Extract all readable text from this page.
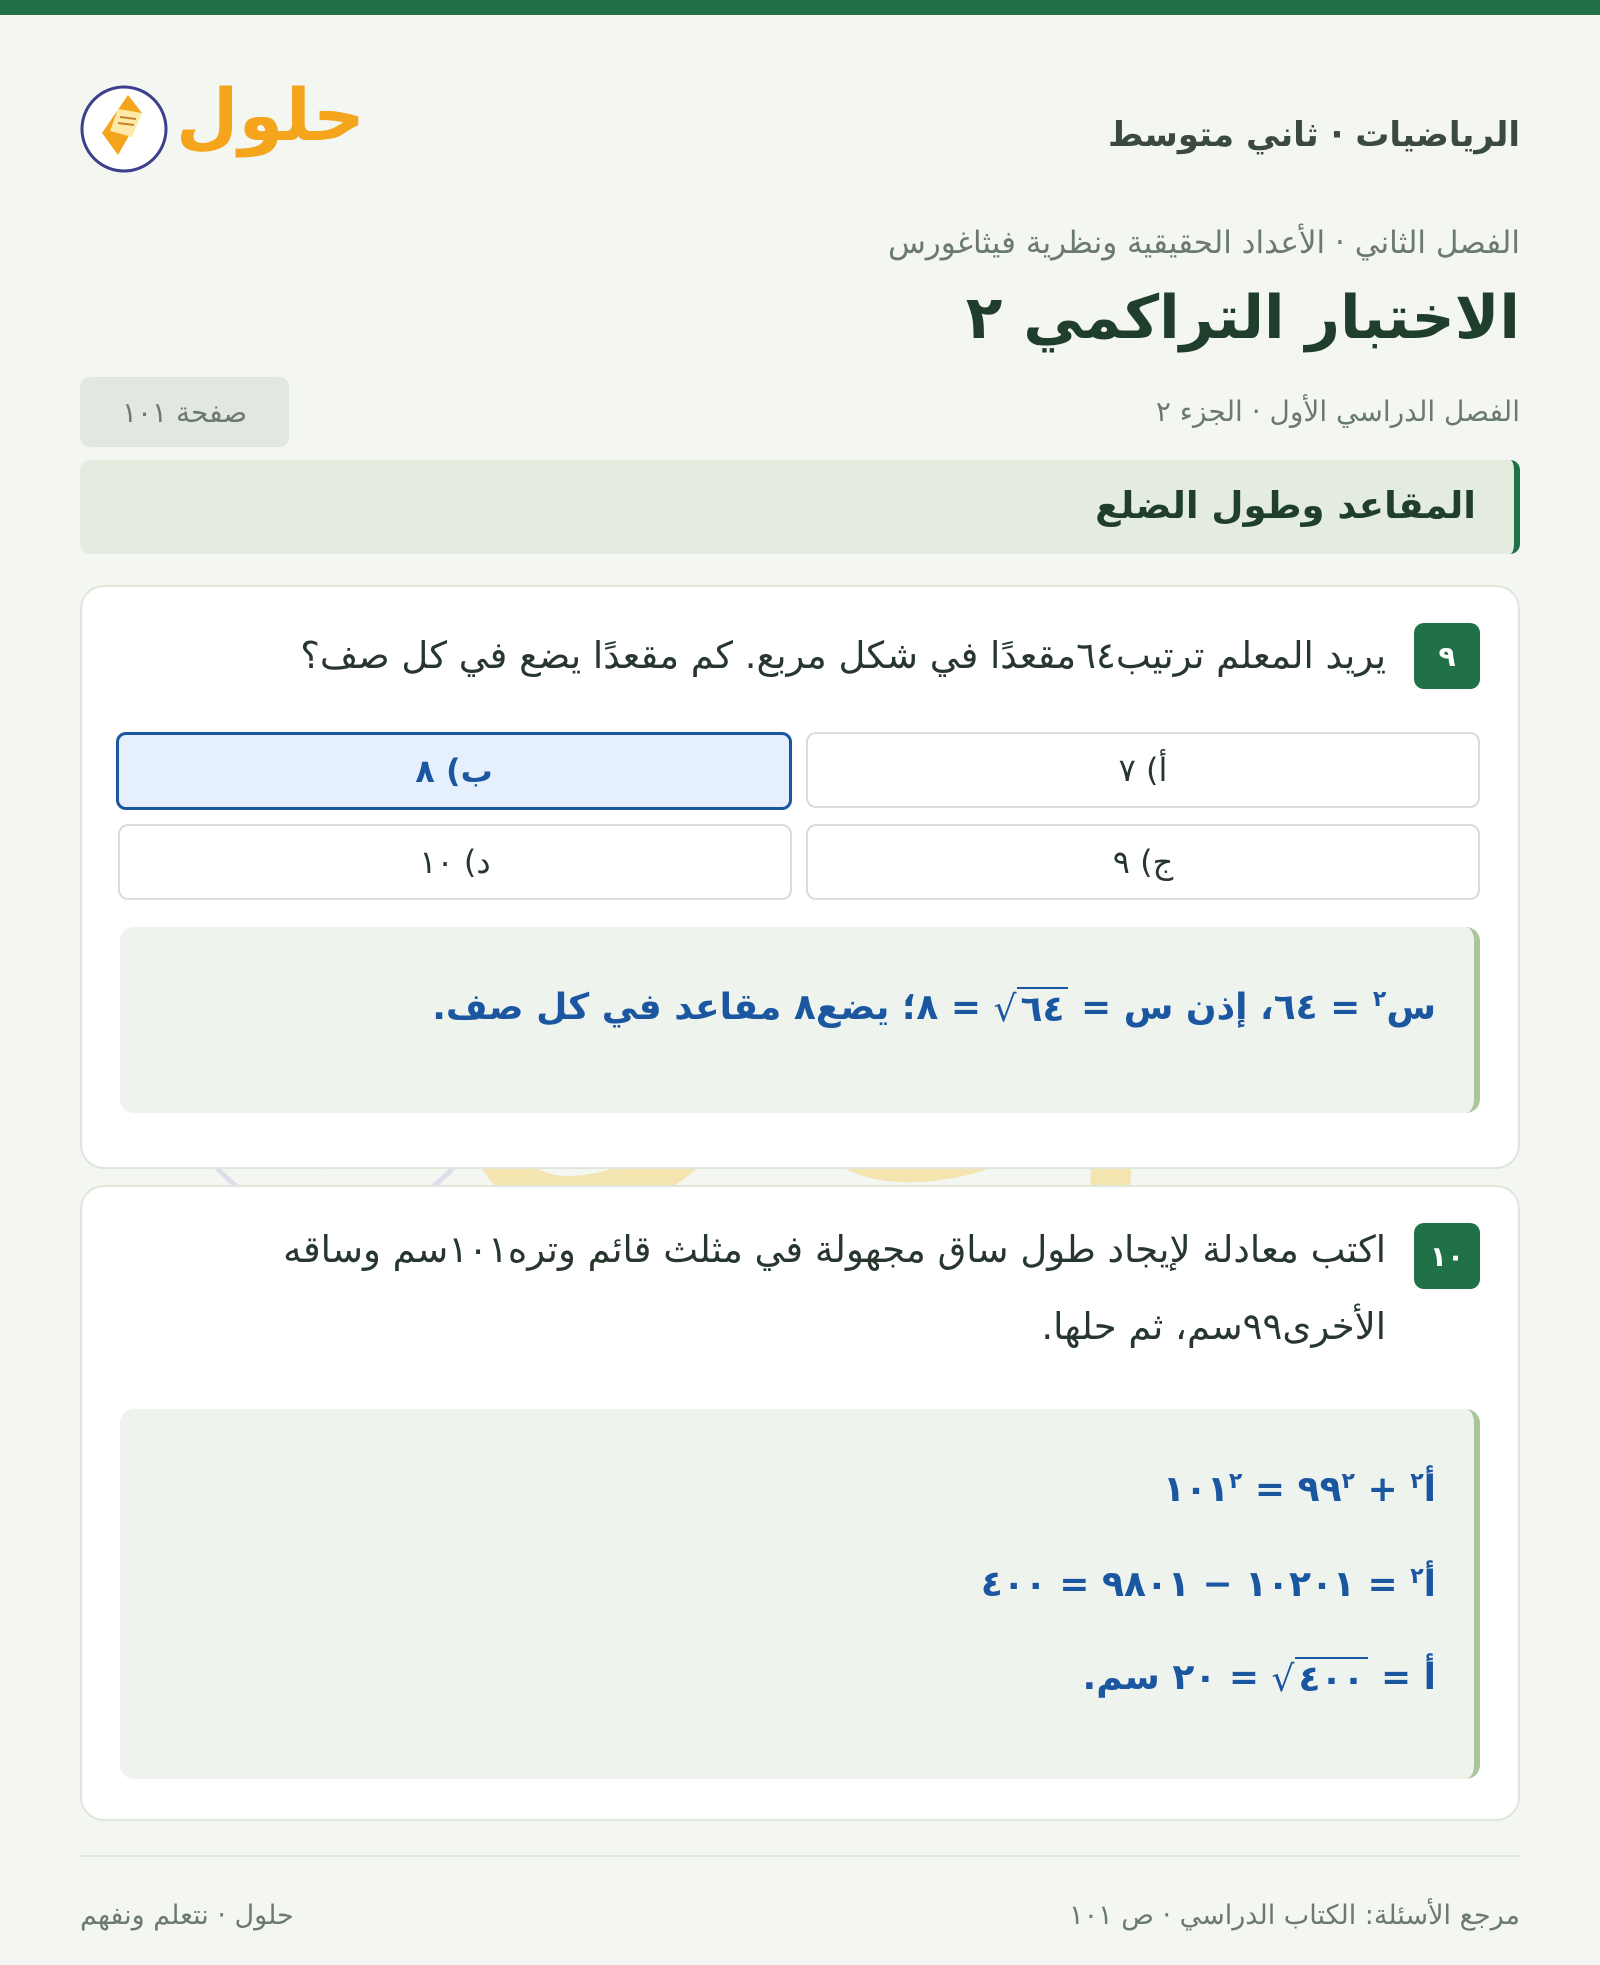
الرياضيات · ثاني متوسط
حلول
الفصل الثاني · الأعداد الحقيقية ونظرية فيثاغورس
الاختبار التراكمي ٢
الفصل الدراسي الأول · الجزء ٢
صفحة ١٠١
المقاعد وطول الضلع
٩
يريد المعلم ترتيب٦٤مقعدًا في شكل مربع. كم مقعدًا يضع في كل صف؟
أ) ٧
ب) ٨
ج) ٩
د) ١٠
س$^٢$ = ٦٤، إذن س = √ ٦٤ = ٨؛ يضع٨ مقاعد في كل صف.
١٠
اكتب معادلة لإيجاد طول ساق مجهولة في مثلث قائم وتره١٠١سم وساقه
الأخرى٩٩سم، ثم حلها.
أ$^٢$ + $٩٩^٢$ = $١٠١^٢$
أ$^٢$ = ١٠٢٠١ − ٩٨٠١ = ٤٠٠
أ = √ ٤٠٠ = ٢٠ سم.
مرجع الأسئلة: الكتاب الدراسي · ص ١٠١
حلول · نتعلم ونفهم
